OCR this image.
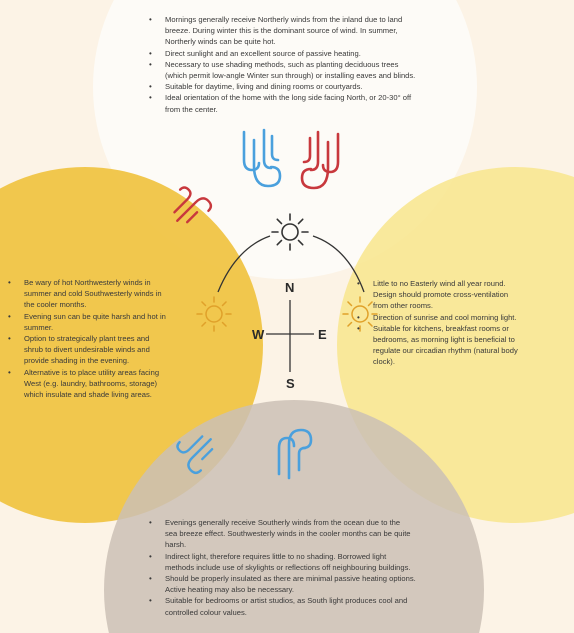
N
S
W	E
• Mornings generally receive Northerly winds from the inland due to land
breeze. During winter this is the dominant source of wind. In summer,
Northerly winds can be quite hot.
• Direct sunlight and an excellent source of passive heating.
• Necessary to use shading methods, such as planting deciduous trees
(which permit low-angle Winter sun through) or installing eaves and blinds.
• Suitable for daytime, living and dining rooms or courtyards.
• Ideal orientation of the home with the long side facing North, or 20-30° off
from the center.
• Be wary of hot Northwesterly winds in
summer and cold Southwesterly winds in
the cooler months.
• Evening sun can be quite harsh and hot in
summer.
• Option to strategically plant trees and
shrub to divert undesirable winds and
provide shading in the evening.
• Alternative is to place utility areas facing
West (e.g. laundry, bathrooms, storage)
which insulate and shade living areas.
• Little to no Easterly wind all year round.
Design should promote cross-ventilation
from other rooms.
• Direction of sunrise and cool morning light.
• Suitable for kitchens, breakfast rooms or
bedrooms, as morning light is beneficial to
regulate our circadian rhythm (natural body
clock).
• Evenings generally receive Southerly winds from the ocean due to the
sea breeze effect. Southwesterly winds in the cooler months can be quite
harsh.
• Indirect light, therefore requires little to no shading. Borrowed light
methods include use of skylights or reflections off neighbouring buildings.
• Should be properly insulated as there are minimal passive heating options.
Active heating may also be necessary.
• Suitable for bedrooms or artist studios, as South light produces cool and
controlled colour values.
